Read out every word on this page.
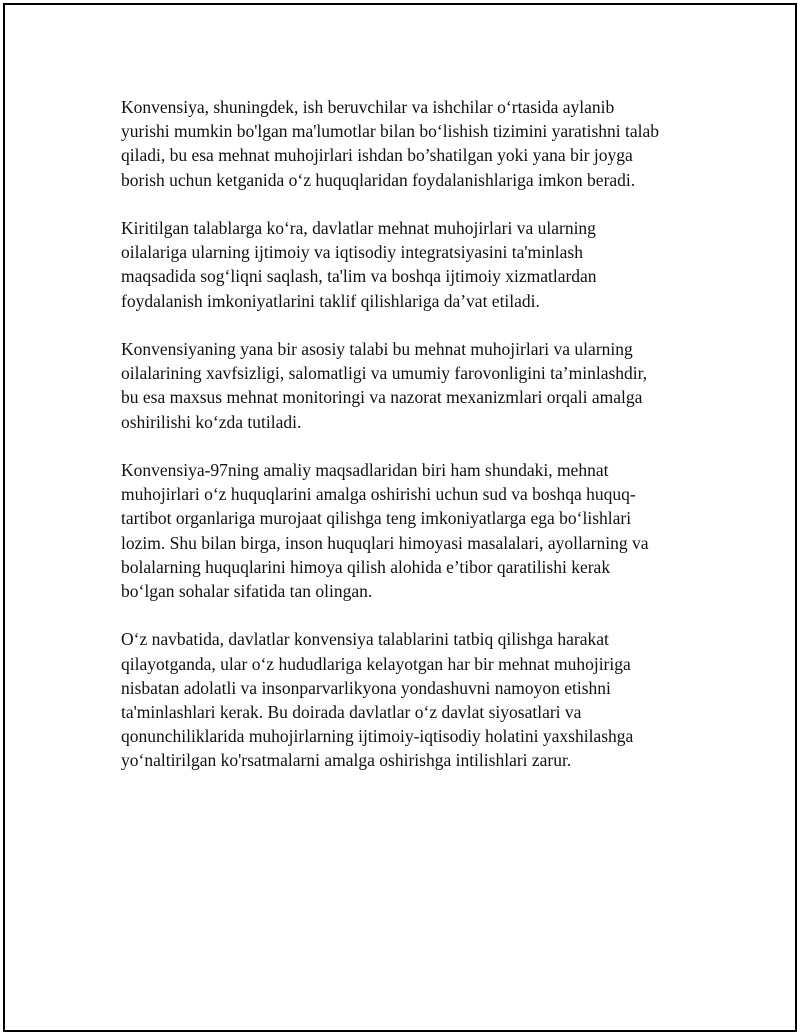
Konvensiya, shuningdek, ish beruvchilar va ishchilar oʻrtasida aylanib
yurishi mumkin bo'lgan ma'lumotlar bilan boʻlishish tizimini yaratishni talab
qiladi, bu esa mehnat muhojirlari ishdan bo’shatilgan yoki yana bir joyga
borish uchun ketganida oʻz huquqlaridan foydalanishlariga imkon beradi.

Kiritilgan talablarga koʻra, davlatlar mehnat muhojirlari va ularning
oilalariga ularning ijtimoiy va iqtisodiy integratsiyasini ta'minlash
maqsadida sogʻliqni saqlash, ta'lim va boshqa ijtimoiy xizmatlardan
foydalanish imkoniyatlarini taklif qilishlariga da’vat etiladi.

Konvensiyaning yana bir asosiy talabi bu mehnat muhojirlari va ularning
oilalarining xavfsizligi, salomatligi va umumiy farovonligini ta’minlashdir,
bu esa maxsus mehnat monitoringi va nazorat mexanizmlari orqali amalga
oshirilishi koʻzda tutiladi.

Konvensiya-97ning amaliy maqsadlaridan biri ham shundaki, mehnat
muhojirlari oʻz huquqlarini amalga oshirishi uchun sud va boshqa huquq-
tartibot organlariga murojaat qilishga teng imkoniyatlarga ega boʻlishlari
lozim. Shu bilan birga, inson huquqlari himoyasi masalalari, ayollarning va
bolalarning huquqlarini himoya qilish alohida e’tibor qaratilishi kerak
boʻlgan sohalar sifatida tan olingan.

Oʻz navbatida, davlatlar konvensiya talablarini tatbiq qilishga harakat
qilayotganda, ular oʻz hududlariga kelayotgan har bir mehnat muhojiriga
nisbatan adolatli va insonparvarlikyona yondashuvni namoyon etishni
ta'minlashlari kerak. Bu doirada davlatlar oʻz davlat siyosatlari va
qonunchiliklarida muhojirlarning ijtimoiy-iqtisodiy holatini yaxshilashga
yoʻnaltirilgan ko'rsatmalarni amalga oshirishga intilishlari zarur.
